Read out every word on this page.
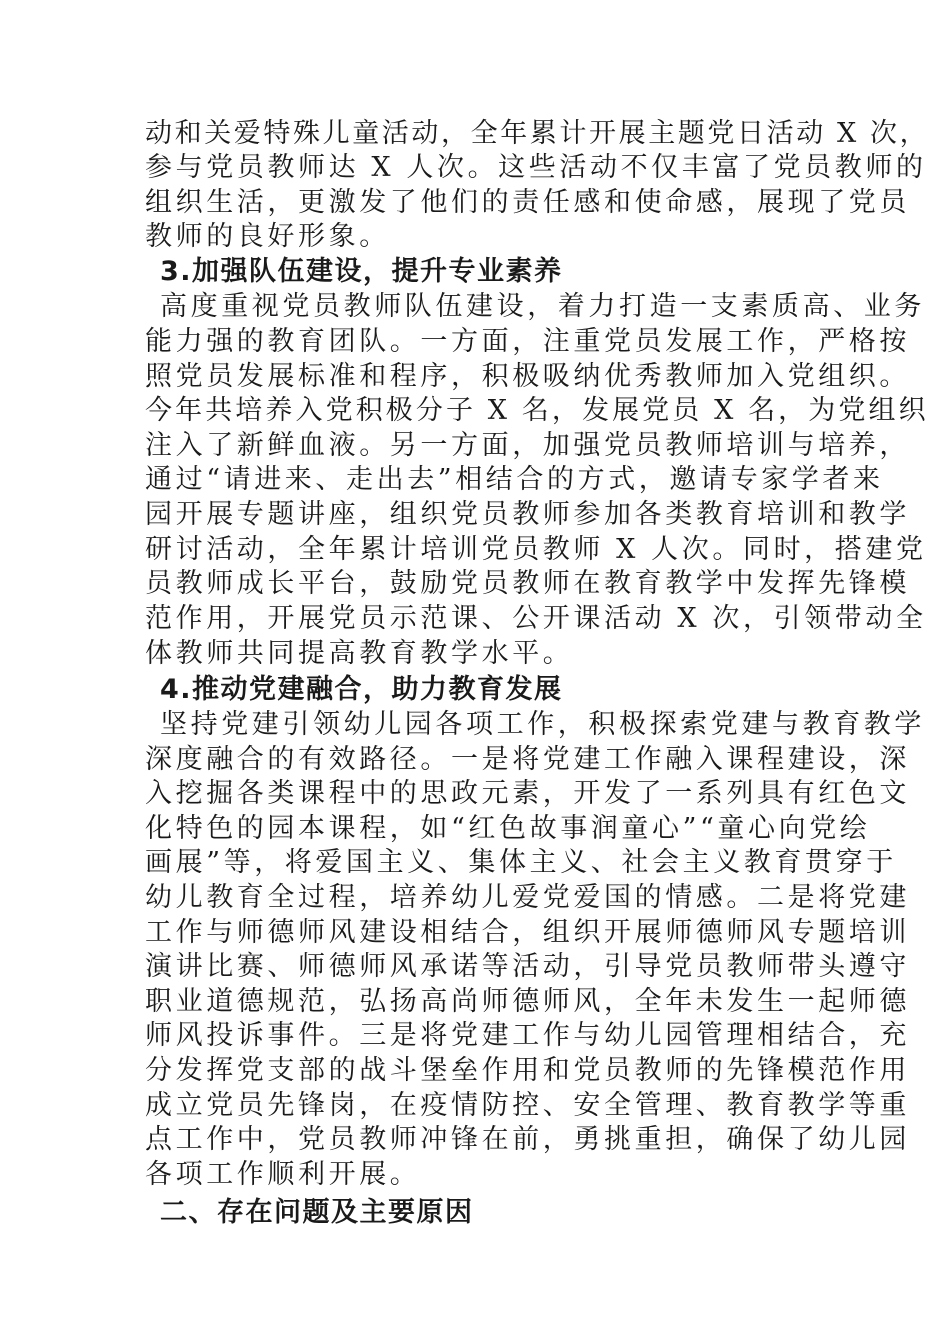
动和关爱特殊儿童活动，全年累计开展主题党日活动 X 次，
参与党员教师达 X 人次。这些活动不仅丰富了党员教师的
组织生活，更激发了他们的责任感和使命感，展现了党员
教师的良好形象。
3.加强队伍建设，提升专业素养
高度重视党员教师队伍建设，着力打造一支素质高、业务
能力强的教育团队。一方面，注重党员发展工作，严格按
照党员发展标准和程序，积极吸纳优秀教师加入党组织。
今年共培养入党积极分子 X 名，发展党员 X 名，为党组织
注入了新鲜血液。另一方面，加强党员教师培训与培养，
通过“请进来、走出去”相结合的方式，邀请专家学者来
园开展专题讲座，组织党员教师参加各类教育培训和教学
研讨活动，全年累计培训党员教师 X 人次。同时，搭建党
员教师成长平台，鼓励党员教师在教育教学中发挥先锋模
范作用，开展党员示范课、公开课活动 X 次，引领带动全
体教师共同提高教育教学水平。
4.推动党建融合，助力教育发展
坚持党建引领幼儿园各项工作，积极探索党建与教育教学
深度融合的有效路径。一是将党建工作融入课程建设，深
入挖掘各类课程中的思政元素，开发了一系列具有红色文
化特色的园本课程，如“红色故事润童心”“童心向党绘
画展”等，将爱国主义、集体主义、社会主义教育贯穿于
幼儿教育全过程，培养幼儿爱党爱国的情感。二是将党建
工作与师德师风建设相结合，组织开展师德师风专题培训
演讲比赛、师德师风承诺等活动，引导党员教师带头遵守
职业道德规范，弘扬高尚师德师风，全年未发生一起师德
师风投诉事件。三是将党建工作与幼儿园管理相结合，充
分发挥党支部的战斗堡垒作用和党员教师的先锋模范作用
成立党员先锋岗，在疫情防控、安全管理、教育教学等重
点工作中，党员教师冲锋在前，勇挑重担，确保了幼儿园
各项工作顺利开展。
二、存在问题及主要原因
